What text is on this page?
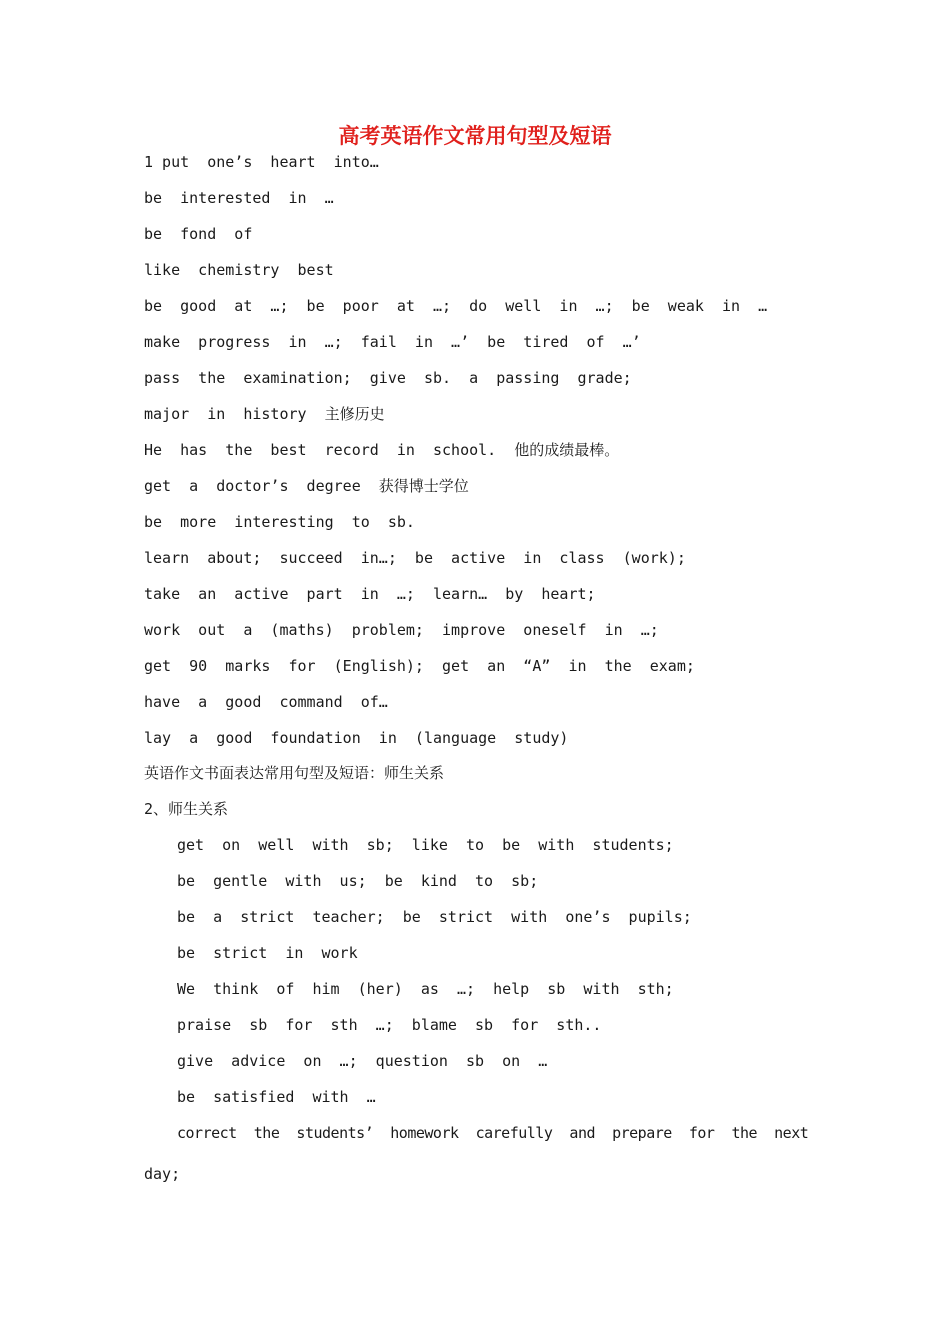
高考英语作文常用句型及短语
1 put  one’s  heart  into…
be  interested  in  …
be  fond  of
like  chemistry  best
be  good  at  …;  be  poor  at  …;  do  well  in  …;  be  weak  in  …
make  progress  in  …;  fail  in  …’  be  tired  of  …’
pass  the  examination;  give  sb.  a  passing  grade;
major  in  history  主修历史
He  has  the  best  record  in  school.  他的成绩最棒。
get  a  doctor’s  degree  获得博士学位
be  more  interesting  to  sb.
learn  about;  succeed  in…;  be  active  in  class  (work);
take  an  active  part  in  …;  learn…  by  heart;
work  out  a  (maths)  problem;  improve  oneself  in  …;
get  90  marks  for  (English);  get  an  “A”  in  the  exam;
have  a  good  command  of…
lay  a  good  foundation  in  (language  study)
英语作文书面表达常用句型及短语：师生关系
2、师生关系
get  on  well  with  sb;  like  to  be  with  students;
be  gentle  with  us;  be  kind  to  sb;
be  a  strict  teacher;  be  strict  with  one’s  pupils;
be  strict  in  work
We  think  of  him  (her)  as  …;  help  sb  with  sth;
praise  sb  for  sth  …;  blame  sb  for  sth..
give  advice  on  …;  question  sb  on  …
be  satisfied  with  …
correct  the  students’  homework  carefully  and  prepare  for  the  next
day;
